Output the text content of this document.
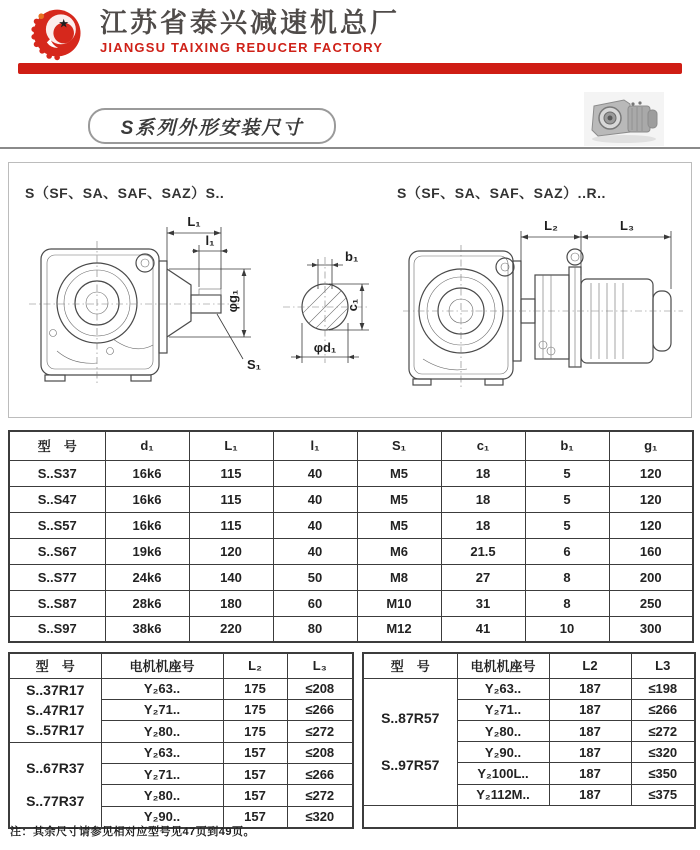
★ 江苏省泰兴减速机总厂
JIANGSU TAIXING REDUCER FACTORY
S系列外形安装尺寸
S（SF、SA、SAF、SAZ）S..	S（SF、SA、SAF、SAZ）..R..
L₁
l₁
φg₁
S₁
b₁
c₁
φd₁
L₂	L₃
型　号	d₁	L₁	l₁	S₁	c₁	b₁	g₁
S..S37	16k6	115	40	M5	18	5	120
S..S47	16k6	115	40	M5	18	5	120
S..S57	16k6	115	40	M5	18	5	120
S..S67	19k6	120	40	M6	21.5	6	160
S..S77	24k6	140	50	M8	27	8	200
S..S87	28k6	180	60	M10	31	8	250
S..S97	38k6	220	80	M12	41	10	300
型　号	电机机座号	L₂	L₃

S..37R17
S..47R17
S..57R17	Y₂63..	175	≤208
	Y₂71..	175	≤266
	Y₂80..	175	≤272

S..67R37
S..77R37	Y₂63..	157	≤208
	Y₂71..	157	≤266
	Y₂80..	157	≤272
	Y₂90..	157	≤320
型　号	电机机座号	L2	L3

S..87R57
S..97R57	Y₂63..	187	≤198
	Y₂71..	187	≤266
	Y₂80..	187	≤272
	Y₂90..	187	≤320
	Y₂100L..	187	≤350
	Y₂112M..	187	≤375

注：其余尺寸请参见相对应型号见47页到49页。
